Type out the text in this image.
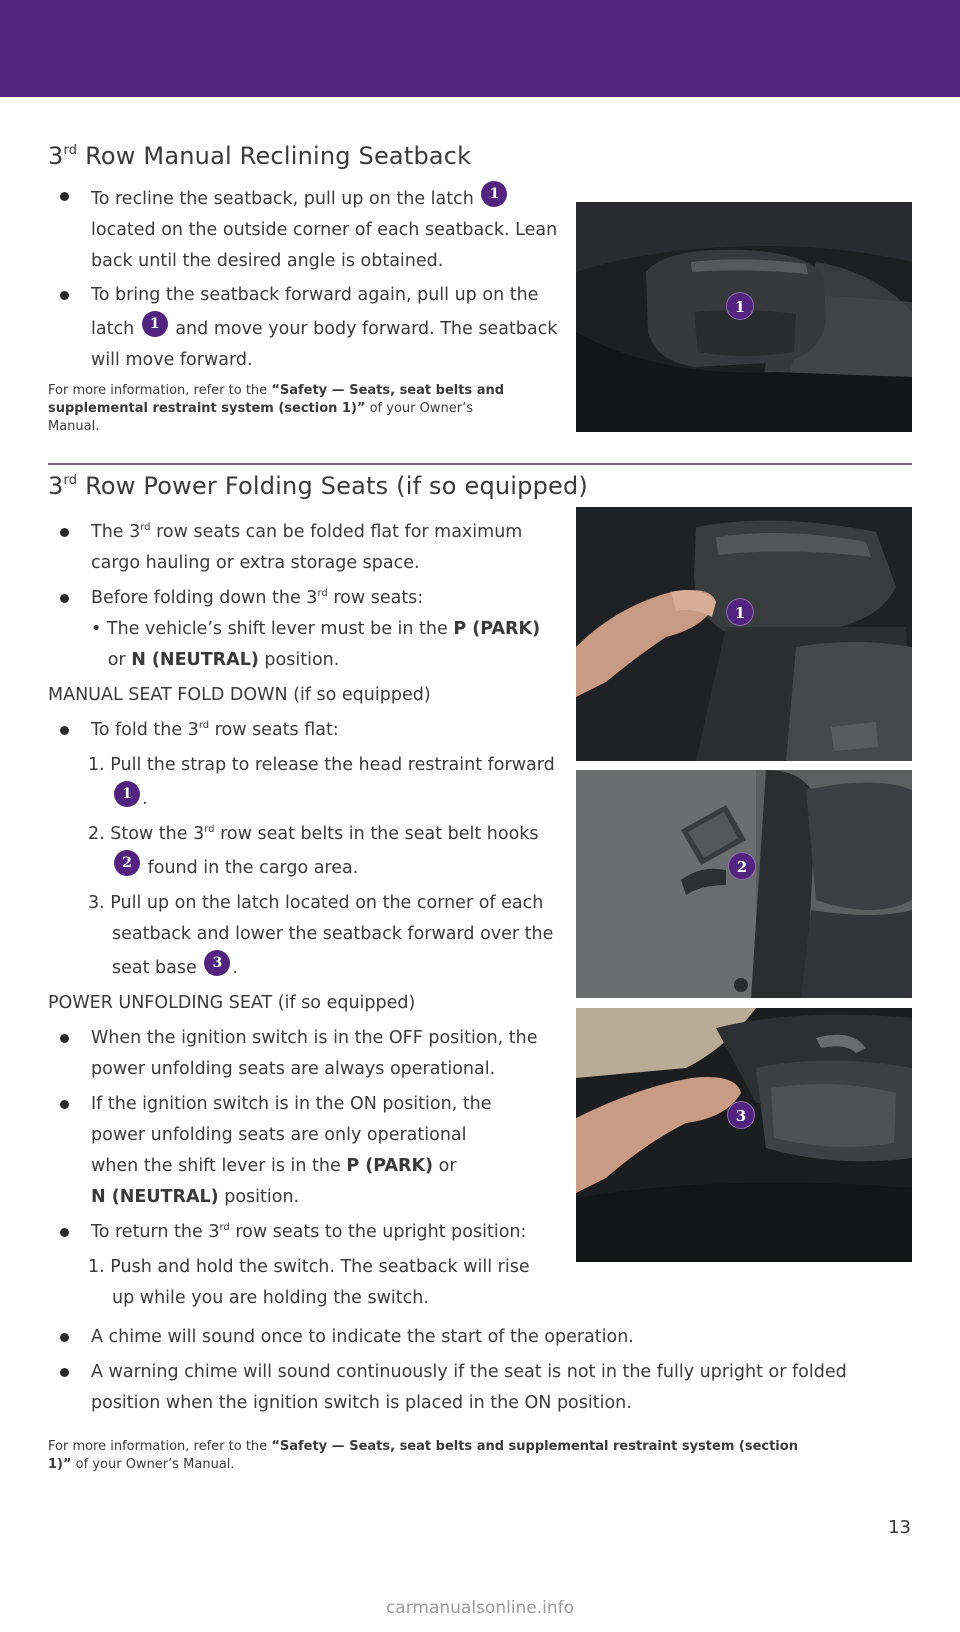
3rd Row Manual Reclining Seatback
To recline the seatback, pull up on the latch 1 located on the outside corner of each seatback. Lean back until the desired angle is obtained.
To bring the seatback forward again, pull up on the latch 1 and move your body forward. The seatback will move forward.
For more information, refer to the “Safety — Seats, seat belts and supplemental restraint system (section 1)” of your Owner’s Manual.
1
3rd Row Power Folding Seats (if so equipped)
The 3rd row seats can be folded flat for maximum cargo hauling or extra storage space.
Before folding down the 3rd row seats:
• The vehicle’s shift lever must be in the P (PARK)
or N (NEUTRAL) position.
MANUAL SEAT FOLD DOWN (if so equipped)
To fold the 3rd row seats flat:
1. Pull the strap to release the head restraint forward 1 .
2. Stow the 3rd row seat belts in the seat belt hooks
2 found in the cargo area.
3. Pull up on the latch located on the corner of each seatback and lower the seatback forward over the seat base 3 .
POWER UNFOLDING SEAT (if so equipped)
When the ignition switch is in the OFF position, the power unfolding seats are always operational.
If the ignition switch is in the ON position, the power unfolding seats are only operational when the shift lever is in the P (PARK) or
N (NEUTRAL) position.
To return the 3rd row seats to the upright position:
1. Push and hold the switch. The seatback will rise up while you are holding the switch.
A chime will sound once to indicate the start of the operation.
A warning chime will sound continuously if the seat is not in the fully upright or folded position when the ignition switch is placed in the ON position.
For more information, refer to the “Safety — Seats, seat belts and supplemental restraint system (section 1)” of your Owner’s Manual.
1
2
3
13
carmanualsonline.info
